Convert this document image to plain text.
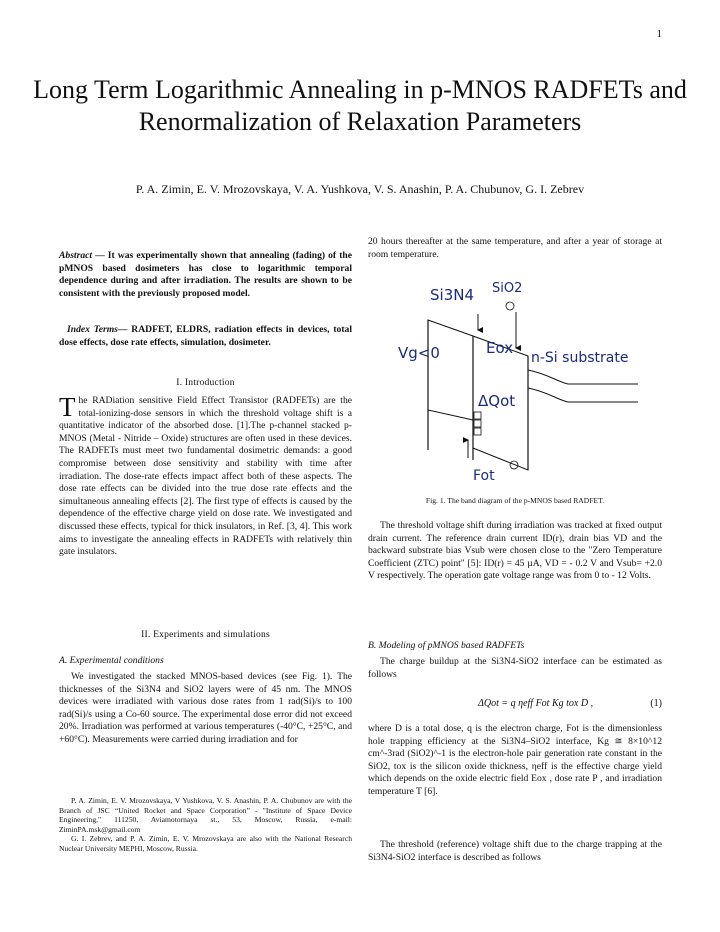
1
Long Term Logarithmic Annealing in p-MNOS RADFETs and Renormalization of Relaxation Parameters
P. A. Zimin, E. V. Mrozovskaya, V. A. Yushkova, V. S. Anashin, P. A. Chubunov, G. I. Zebrev
Abstract — It was experimentally shown that annealing (fading) of the pMNOS based dosimeters has close to logarithmic temporal dependence during and after irradiation. The results are shown to be consistent with the previously proposed model.
Index Terms— RADFET, ELDRS, radiation effects in devices, total dose effects, dose rate effects, simulation, dosimeter.
I. Introduction
The RADiation sensitive Field Effect Transistor (RADFETs) are the total-ionizing-dose sensors in which the threshold voltage shift is a quantitative indicator of the absorbed dose. [1].The p-channel stacked p-MNOS (Metal - Nitride – Oxide) structures are often used in these devices. The RADFETs must meet two fundamental dosimetric demands: a good compromise between dose sensitivity and stability with time after irradiation. The dose-rate effects impact affect both of these aspects. The dose rate effects can be divided into the true dose rate effects and the simultaneous annealing effects [2]. The first type of effects is caused by the dependence of the effective charge yield on dose rate. We investigated and discussed these effects, typical for thick insulators, in Ref. [3, 4]. This work aims to investigate the annealing effects in RADFETs with relatively thin gate insulators.
II. Experiments and simulations
A. Experimental conditions
We investigated the stacked MNOS-based devices (see Fig. 1). The thicknesses of the Si3N4 and SiO2 layers were of 45 nm. The MNOS devices were irradiated with various dose rates from 1 rad(Si)/s to 100 rad(Si)/s using a Co-60 source. The experimental dose error did not exceed 20%. Irradiation was performed at various temperatures (-40°C, +25°C, and +60°C). Measurements were carried during irradiation and for

P. A. Zimin, E. V. Mrozovskaya, V Yushkova, V. S. Anashin, P. A. Chubunov are with the Branch of JSC “United Rocket and Space Corporation” - "Institute of Space Device Engineering," 111250, Aviamotornaya st., 53, Moscow, Russia, e-mail: ZiminPA.msk@gmail.com

G. I. Zebrev, and P. A. Zimin, E. V. Mrozovskaya are also with the National Research Nuclear University MEPHI, Moscow, Russia.

20 hours thereafter at the same temperature, and after a year of storage at room temperature.
Si3N4 SiO2
Vg<0	Eox
n-Si substrate
ΔQot
Fot
Fig. 1. The band diagram of the p-MNOS based RADFET.
The threshold voltage shift during irradiation was tracked at fixed output drain current. The reference drain current ID(r), drain bias VD and the backward substrate bias Vsub were chosen close to the "Zero Temperature Coefficient (ZTC) point" [5]: ID(r) = 45 µA, VD = - 0.2 V and Vsub= +2.0 V respectively. The operation gate voltage range was from 0 to - 12 Volts.
B. Modeling of pMNOS based RADFETs
The charge buildup at the Si3N4-SiO2 interface can be estimated as follows
ΔQot = q ηeff Fot Kg tox D ,	(1)
where D is a total dose, q is the electron charge, Fot is the dimensionless hole trapping efficiency at the Si3N4–SiO2 interface, Kg ≅ 8×10^12 cm^-3rad (SiO2)^-1 is the electron-hole pair generation rate constant in the SiO2, tox is the silicon oxide thickness, ηeff is the effective charge yield which depends on the oxide electric field Eox , dose rate P , and irradiation temperature T [6].
The threshold (reference) voltage shift due to the charge trapping at the Si3N4-SiO2 interface is described as follows
